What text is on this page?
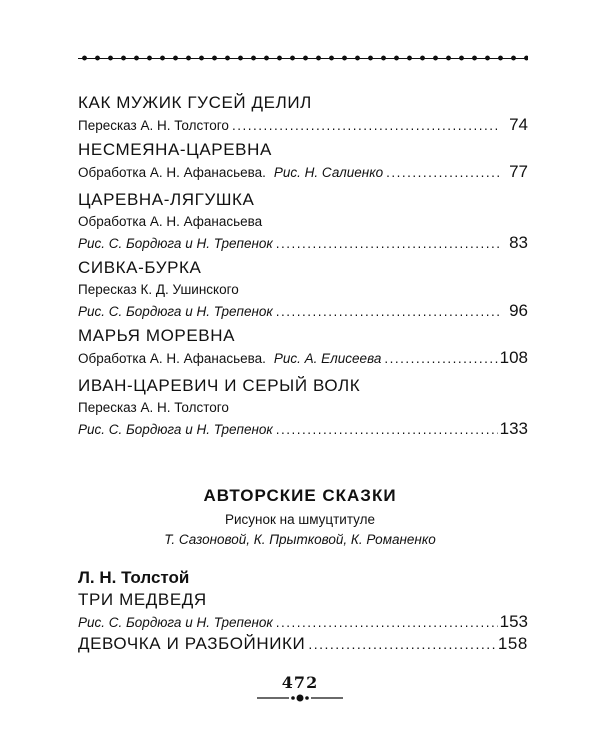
КАК МУЖИК ГУСЕЙ ДЕЛИЛ
Пересказ А. Н. Толстого .....	74
НЕСМЕЯНА-ЦАРЕВНА
Обработка А. Н. Афанасьева. Рис. Н. Салиенко .....	77
ЦАРЕВНА-ЛЯГУШКА
Обработка А. Н. Афанасьева
Рис. С. Бордюга и Н. Трепенок .....	83
СИВКА-БУРКА
Пересказ К. Д. Ушинского
Рис. С. Бордюга и Н. Трепенок .....	96
МАРЬЯ МОРЕВНА
Обработка А. Н. Афанасьева. Рис. А. Елисеева .....	108
ИВАН-ЦАРЕВИЧ И СЕРЫЙ ВОЛК
Пересказ А. Н. Толстого
Рис. С. Бордюга и Н. Трепенок .....	133
АВТОРСКИЕ СКАЗКИ
Рисунок на шмуцтитуле
Т. Сазоновой, К. Прытковой, К. Романенко
Л. Н. Толстой
ТРИ МЕДВЕДЯ
Рис. С. Бордюга и Н. Трепенок .....	153
ДЕВОЧКА И РАЗБОЙНИКИ .....	158
472
